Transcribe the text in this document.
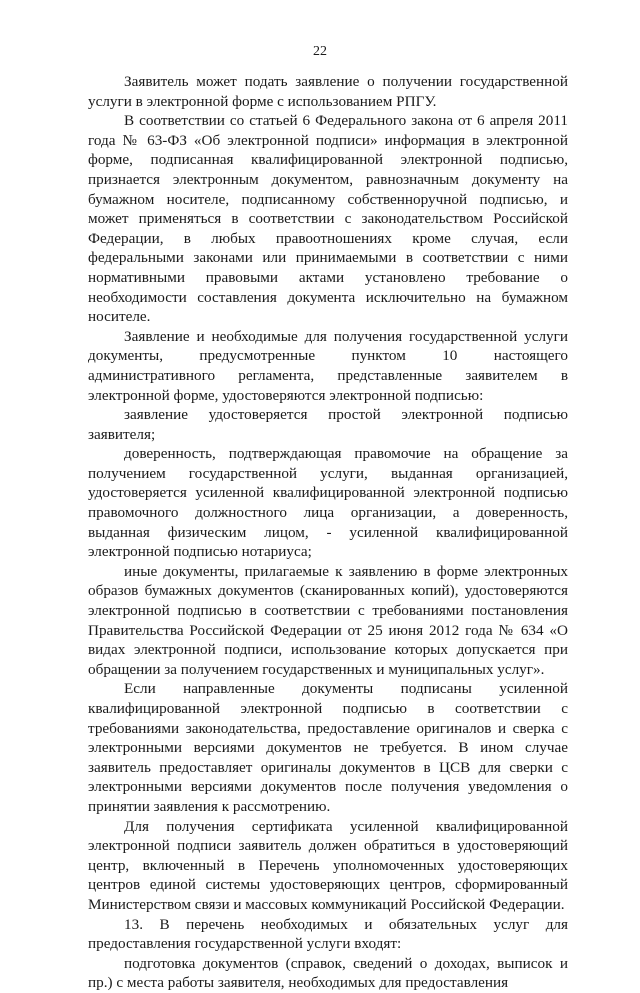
22

Заявитель может подать заявление о получении государственной услуги в электронной форме с использованием РПГУ.

В соответствии со статьей 6 Федерального закона от 6 апреля 2011 года № 63-ФЗ «Об электронной подписи» информация в электронной форме, подписанная квалифицированной электронной подписью, признается электронным документом, равнозначным документу на бумажном носителе, подписанному собственноручной подписью, и может применяться в соответствии с законодательством Российской Федерации, в любых правоотношениях кроме случая, если федеральными законами или принимаемыми в соответствии с ними нормативными правовыми актами установлено требование о необходимости составления документа исключительно на бумажном носителе.

Заявление и необходимые для получения государственной услуги документы, предусмотренные пунктом 10 настоящего административного регламента, представленные заявителем в электронной форме, удостоверяются электронной подписью:

заявление удостоверяется простой электронной подписью заявителя;

доверенность, подтверждающая правомочие на обращение за получением государственной услуги, выданная организацией, удостоверяется усиленной квалифицированной электронной подписью правомочного должностного лица организации, а доверенность, выданная физическим лицом, - усиленной квалифицированной электронной подписью нотариуса;

иные документы, прилагаемые к заявлению в форме электронных образов бумажных документов (сканированных копий), удостоверяются электронной подписью в соответствии с требованиями постановления Правительства Российской Федерации от 25 июня 2012 года № 634 «О видах электронной подписи, использование которых допускается при обращении за получением государственных и муниципальных услуг».

Если направленные документы подписаны усиленной квалифицированной электронной подписью в соответствии с требованиями законодательства, предоставление оригиналов и сверка с электронными версиями документов не требуется. В ином случае заявитель предоставляет оригиналы документов в ЦСВ для сверки с электронными версиями документов после получения уведомления о принятии заявления к рассмотрению.

Для получения сертификата усиленной квалифицированной электронной подписи заявитель должен обратиться в удостоверяющий центр, включенный в Перечень уполномоченных удостоверяющих центров единой системы удостоверяющих центров, сформированный Министерством связи и массовых коммуникаций Российской Федерации.

13. В перечень необходимых и обязательных услуг для предоставления государственной услуги входят:

подготовка документов (справок, сведений о доходах, выписок и пр.) с места работы заявителя, необходимых для предоставления
